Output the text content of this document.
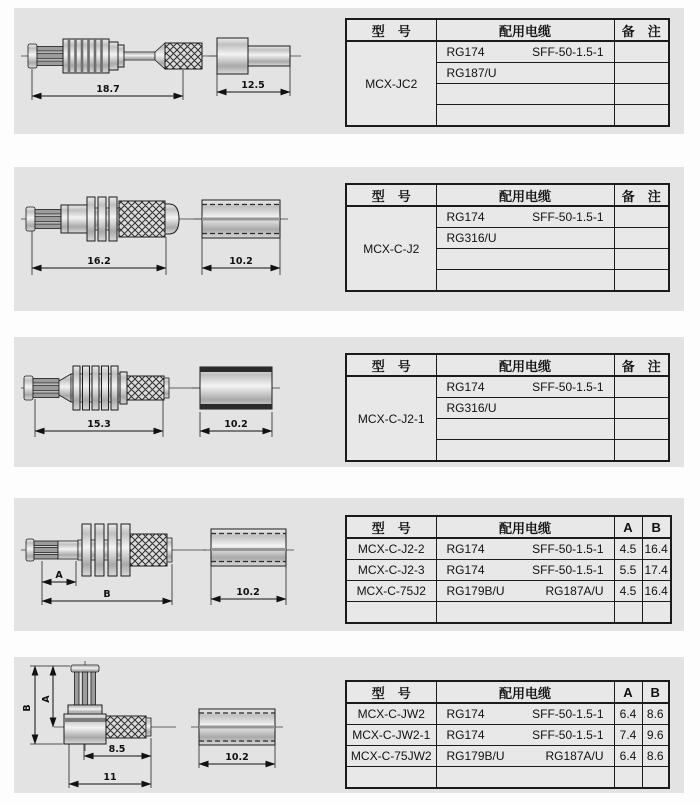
18.7	12.5
型　号	配用电缆	备　注
MCX-JC2	RG174 SFF-50-1.5-1	

	RG187/U	

16.2	10.2
型　号	配用电缆	备　注
MCX-C-J2	RG174 SFF-50-1.5-1	

	RG316/U	

15.3	10.2
型　号	配用电缆	备　注
MCX-C-J2-1	RG174 SFF-50-1.5-1	

	RG316/U	

A
B	10.2
型　号	配用电缆	A	B
MCX-C-J2-2	RG174 SFF-50-1.5-1	4.5	16.4
MCX-C-J2-3	RG174 SFF-50-1.5-1	5.5	17.4
MCX-C-75J2	RG179B/U RG187A/U	4.5	16.4

B
A
8.5
11
10.2
型　号	配用电缆	A	B
MCX-C-JW2	RG174 SFF-50-1.5-1	6.4	8.6
MCX-C-JW2-1	RG174 SFF-50-1.5-1	7.4	9.6
MCX-C-75JW2	RG179B/U RG187A/U	6.4	8.6
